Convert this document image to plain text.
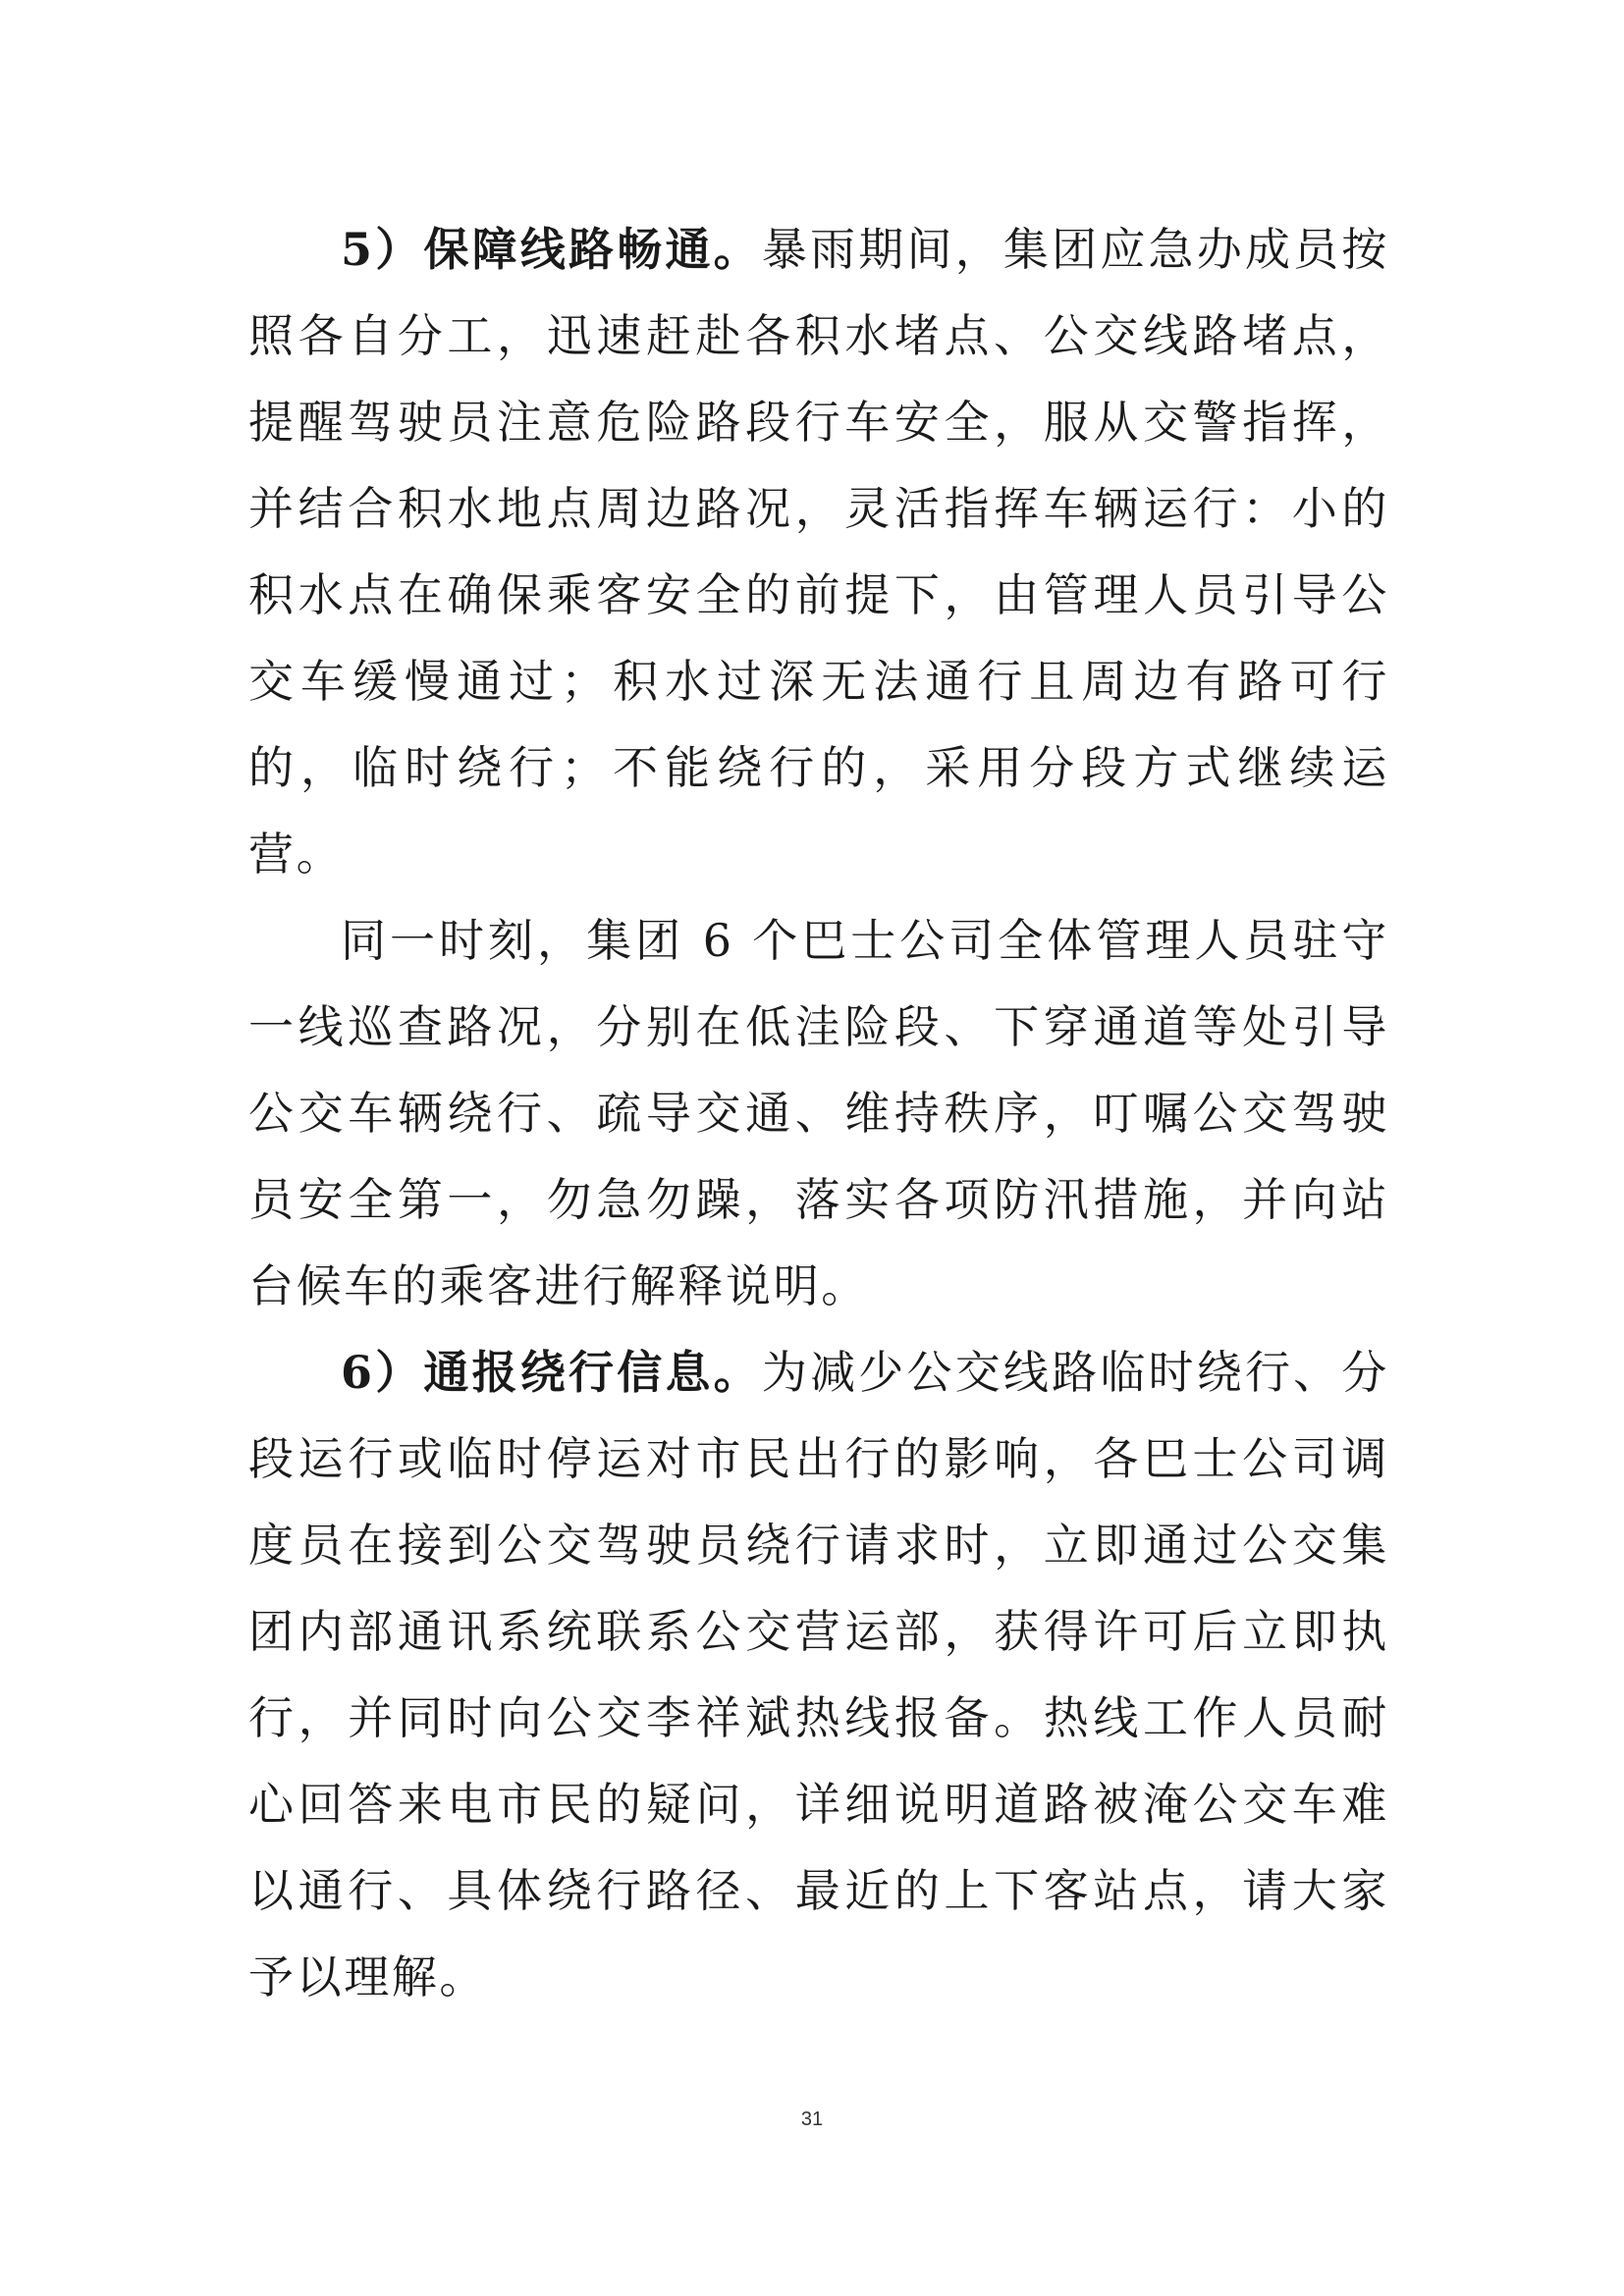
5）保障线路畅通。暴雨期间，集团应急办成员按照各自分工，迅速赶赴各积水堵点、公交线路堵点，提醒驾驶员注意危险路段行车安全，服从交警指挥，并结合积水地点周边路况，灵活指挥车辆运行：小的积水点在确保乘客安全的前提下，由管理人员引导公交车缓慢通过；积水过深无法通行且周边有路可行的，临时绕行；不能绕行的，采用分段方式继续运营。

同一时刻，集团 6 个巴士公司全体管理人员驻守一线巡查路况，分别在低洼险段、下穿通道等处引导公交车辆绕行、疏导交通、维持秩序，叮嘱公交驾驶员安全第一，勿急勿躁，落实各项防汛措施，并向站台候车的乘客进行解释说明。

6）通报绕行信息。为减少公交线路临时绕行、分段运行或临时停运对市民出行的影响，各巴士公司调度员在接到公交驾驶员绕行请求时，立即通过公交集团内部通讯系统联系公交营运部，获得许可后立即执行，并同时向公交李祥斌热线报备。热线工作人员耐心回答来电市民的疑问，详细说明道路被淹公交车难以通行、具体绕行路径、最近的上下客站点，请大家予以理解。

31
